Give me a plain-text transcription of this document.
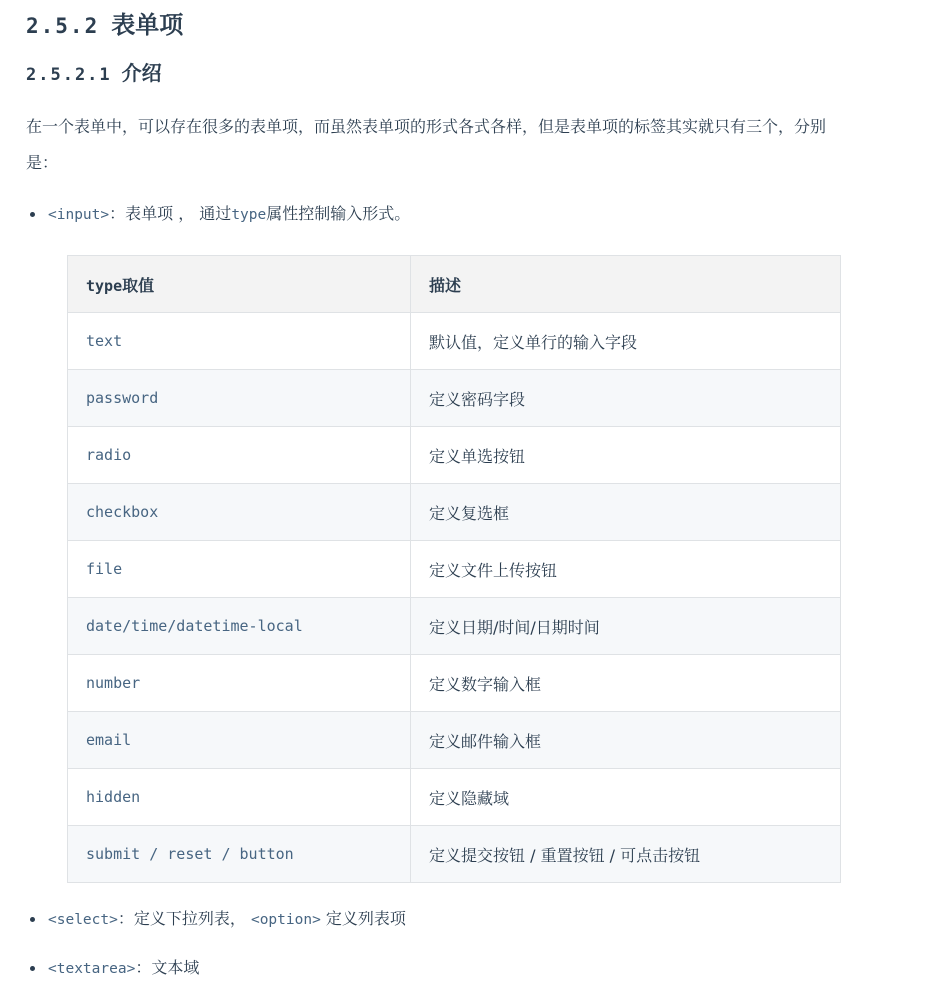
2.5.2 表单项
2.5.2.1 介绍

在一个表单中，可以存在很多的表单项，而虽然表单项的形式各式各样，但是表单项的标签其实就只有三个，分别是：

<input>：表单项 ， 通过type属性控制输入形式。
type取值	描述
text	默认值，定义单行的输入字段
password	定义密码字段
radio	定义单选按钮
checkbox	定义复选框
file	定义文件上传按钮
date/time/datetime-local	定义日期/时间/日期时间
number	定义数字输入框
email	定义邮件输入框
hidden	定义隐藏域
submit / reset / button	定义提交按钮 / 重置按钮 / 可点击按钮
<select>：定义下拉列表， <option> 定义列表项
<textarea>：文本域
